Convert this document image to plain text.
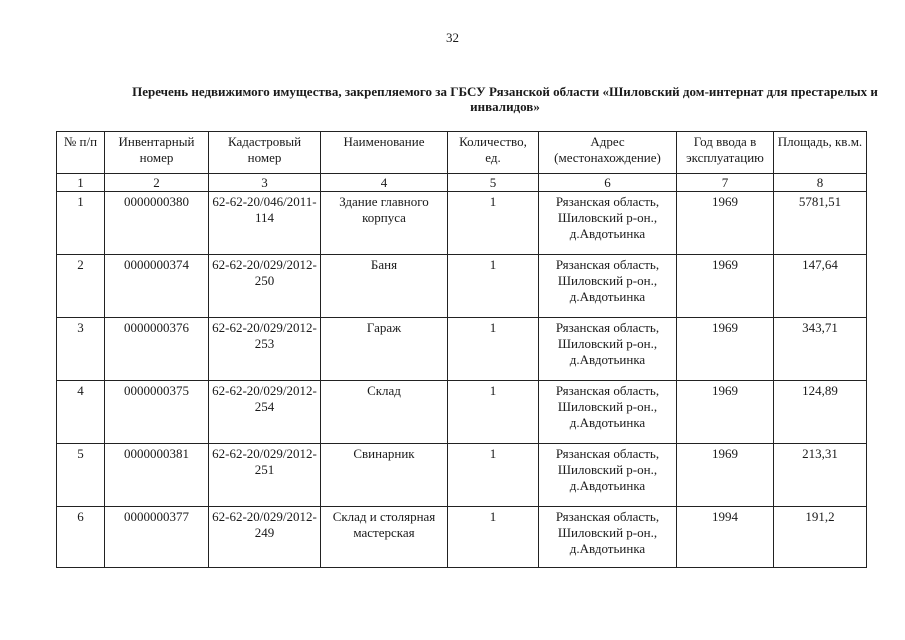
32
Перечень недвижимого имущества, закрепляемого за ГБСУ Рязанской области «Шиловский дом-интернат для престарелых и инвалидов»
№ п/п	Инвентарный номер	Кадастровый номер	Наименование	Количество, ед.	Адрес (местонахождение)	Год ввода в эксплуатацию	Площадь, кв.м.
1	2	3	4	5	6	7	8
1	0000000380	62-62-20/046/2011-114	Здание главного корпуса	1	Рязанская область, Шиловский р-он., д.Авдотьинка	1969	5781,51
2	0000000374	62-62-20/029/2012-250	Баня	1	Рязанская область, Шиловский р-он., д.Авдотьинка	1969	147,64
3	0000000376	62-62-20/029/2012-253	Гараж	1	Рязанская область, Шиловский р-он., д.Авдотьинка	1969	343,71
4	0000000375	62-62-20/029/2012-254	Склад	1	Рязанская область, Шиловский р-он., д.Авдотьинка	1969	124,89
5	0000000381	62-62-20/029/2012-251	Свинарник	1	Рязанская область, Шиловский р-он., д.Авдотьинка	1969	213,31
6	0000000377	62-62-20/029/2012-249	Склад и столярная мастерская	1	Рязанская область, Шиловский р-он., д.Авдотьинка	1994	191,2
